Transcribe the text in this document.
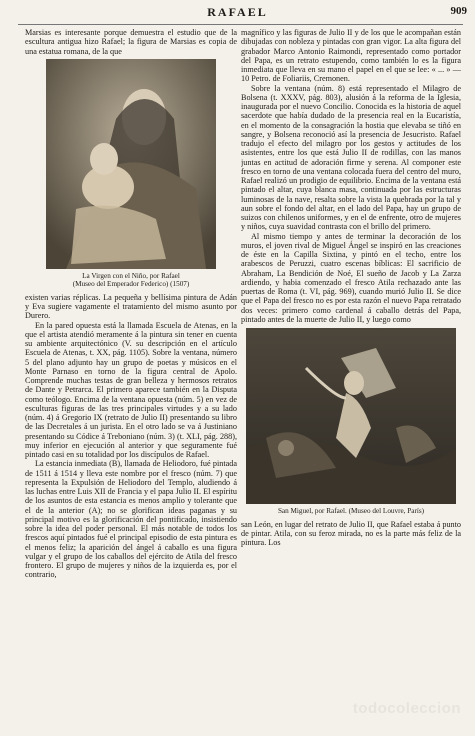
RAFAEL	909

Marsias es interesante porque demuestra el estudio que de la escultura antigua hizo Rafael; la figura de Marsias es copia de una estatua romana, de la que

La Virgen con el Niño, por Rafael
(Museo del Emperador Federico) (1507)

existen varias réplicas. La pequeña y bellísima pintura de Adán y Eva sugiere vagamente el tratamiento del mismo asunto por Durero.

En la pared opuesta está la llamada Escuela de Atenas, en la que el artista atendió meramente á la pintura sin tener en cuenta su ambiente arquitectónico (V. su descripción en el artículo Escuela de Atenas, t. XX, pág. 1105). Sobre la ventana, número 5 del plano adjunto hay un grupo de poetas y músicos en el Monte Parnaso en torno de la figura central de Apolo. Comprende muchas testas de gran belleza y hermosos retratos de Dante y Petrarca. El primero aparece también en la Disputa como teólogo. Encima de la ventana opuesta (núm. 5) en vez de esculturas figuras de las tres principales virtudes y a su lado (núm. 4) á Gregorio IX (retrato de Julio II) presentando su libro de las Decretales á un jurista. En el otro lado se va á Justiniano presentando su Códice á Treboniano (núm. 3) (t. XLI, pág. 288), muy inferior en ejecución al anterior y que seguramente fué pintado casi en su totalidad por los discípulos de Rafael.

La estancia inmediata (B), llamada de Heliodoro, fué pintada de 1511 á 1514 y lleva este nombre por el fresco (núm. 7) que representa la Expulsión de Heliodoro del Templo, aludiendo á las luchas entre Luis XII de Francia y el papa Julio II. El espíritu de los asuntos de esta estancia es menos amplio y tolerante que el de la anterior (A); no se glorifican ideas paganas y su principal motivo es la glorificación del pontificado, insistiendo sobre la idea del poder personal. El más notable de todos los frescos aquí pintados fué el principal episodio de esta pintura es el menos feliz; la aparición del ángel á caballo es una figura vulgar y el grupo de los caballos del ejército de Atila del fresco frontero. El grupo de mujeres y niños de la izquierda es, por el contrario,

magnífico y las figuras de Julio II y de los que le acompañan están dibujadas con nobleza y pintadas con gran vigor. La alta figura del grabador Marco Antonio Raimondi, representado como portador del Papa, es un retrato estupendo, como también lo es la figura inmediata que lleva en su mano el papel en el que se lee: « ... » — 10 Petro. de Foliariis, Cremonen.

Sobre la ventana (núm. 8) está representado el Milagro de Bolsena (t. XXXV, pág. 803), alusión á la reforma de la Iglesia, inaugurada por el nuevo Concilio. Conocida es la historia de aquel sacerdote que había dudado de la presencia real en la Eucaristía, en el momento de la consagración la hostia que elevaba se tiñó en sangre, y Bolsena reconoció así la presencia de Jesucristo. Rafael tradujo el efecto del milagro por los gestos y actitudes de los asistentes, entre los que está Julio II de rodillas, con las manos juntas en actitud de adoración firme y serena. Al componer este fresco en torno de una ventana colocada fuera del centro del muro, Rafael realizó un prodigio de equilibrio. Encima de la ventana está pintado el altar, cuya blanca masa, continuada por las estructuras luminosas de la nave, resalta sobre la vista la quebrada por la tal y aun sobre el fondo del altar, en el lado del Papa, hay un grupo de suizos con chilenos uniformes, y en el de enfrente, otro de mujeres y niños, cuya suavidad contrasta con el brillo del primero.

Al mismo tiempo y antes de terminar la decoración de los muros, el joven rival de Miguel Ángel se inspiró en las creaciones de éste en la Capilla Sixtina, y pintó en el techo, entre los arabescos de Peruzzi, cuatro escenas bíblicas: El sacrificio de Abraham, La Bendición de Noé, El sueño de Jacob y La Zarza ardiendo, y habia comenzado el fresco Atila rechazado ante las puertas de Roma (t. VI, pág. 969), cuando murió Julio II. Se dice que el Papa del fresco no es por esta razón el nuevo Papa retratado dos veces: primero como cardenal á caballo detrás del Papa, pintado antes de la muerte de Julio II, y luego como

San Miguel, por Rafael. (Museo del Louvre, París)

san León, en lugar del retrato de Julio II, que Rafael estaba á punto de pintar. Atila, con su feroz mirada, no es la parte más feliz de la pintura. Los

todocoleccion
